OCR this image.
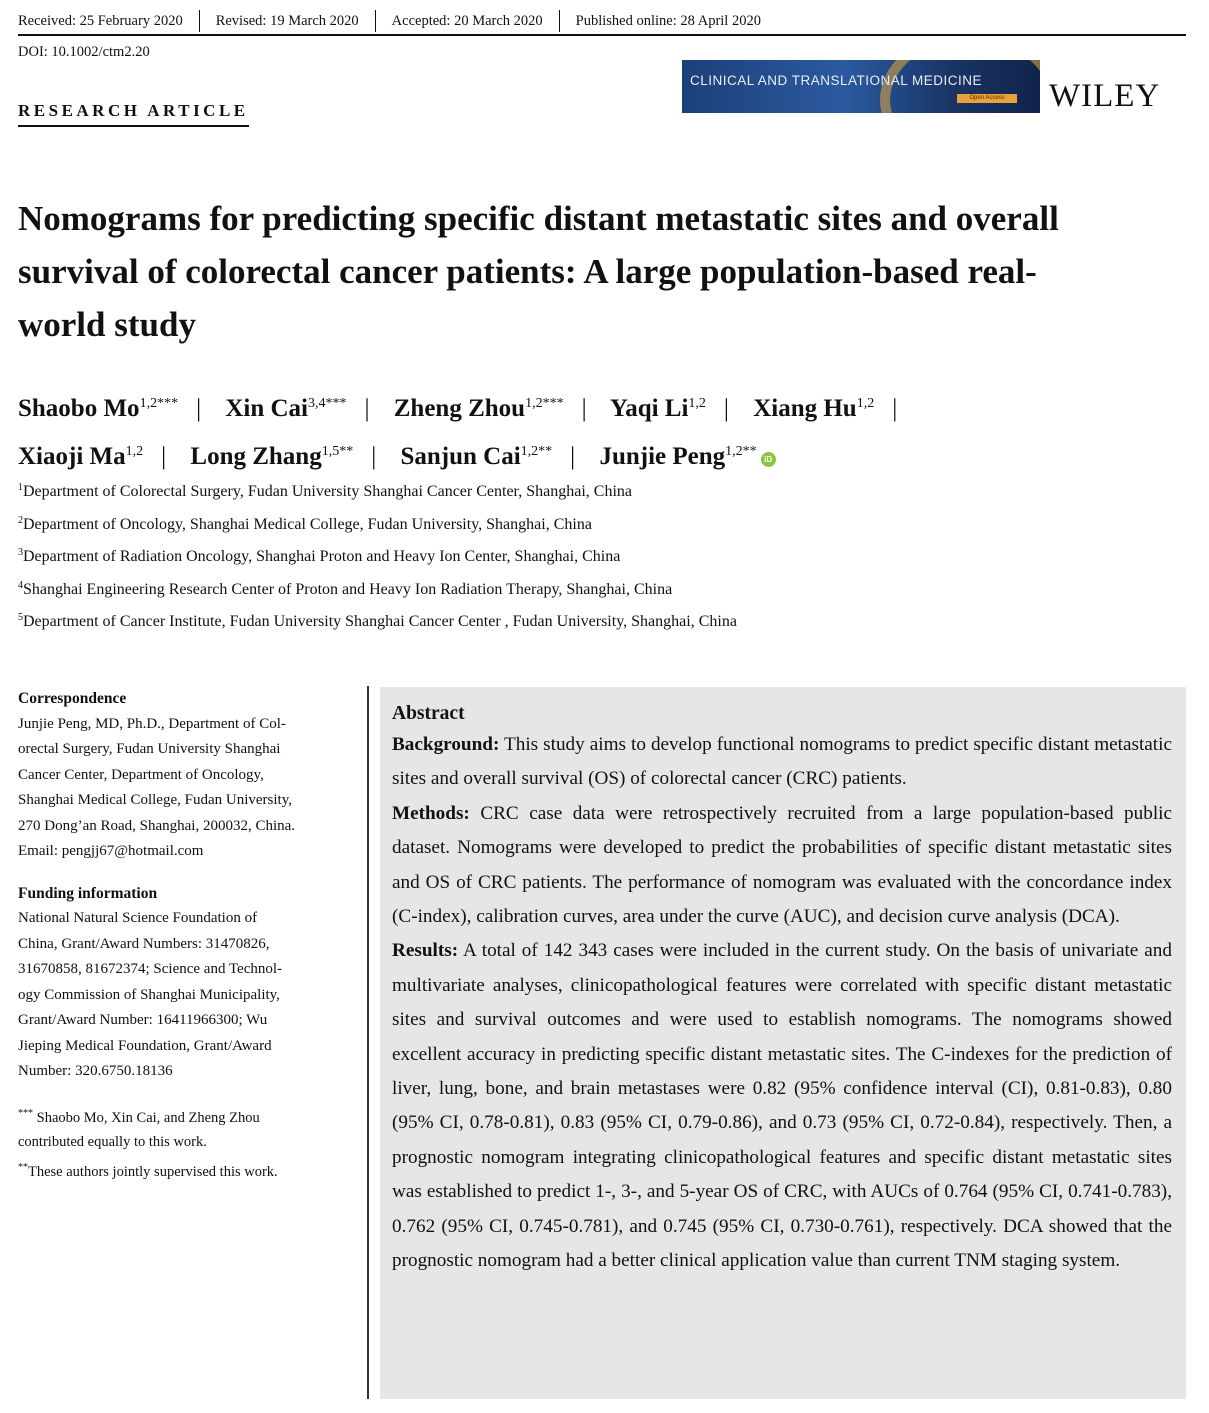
Received: 25 February 2020	Revised: 19 March 2020	Accepted: 20 March 2020	Published online: 28 April 2020
DOI: 10.1002/ctm2.20
CLINICAL AND TRANSLATIONAL MEDICINE
Open Access	WILEY
RESEARCH ARTICLE
Nomograms for predicting specific distant metastatic sites and overall survival of colorectal cancer patients: A large population-based real-world study
Shaobo $Mo^{1,2***}$ | Xin Cai$^{3,4***}$ | Zheng Zhou$^{1,2***}$ | Yaqi Li$^{1,2}$ | Xiang Hu$^{1,2}$ |
Xiaoji Ma$^{1,2}$ | Long Zhang$^{1,5**}$ | Sanjun Cai$^{1,2**}$ | Junjie Peng$^{1,2**}$iD
$^1$Department of Colorectal Surgery, Fudan University Shanghai Cancer Center, Shanghai, China
$^2$Department of Oncology, Shanghai Medical College, Fudan University, Shanghai, China
$^3$Department of Radiation Oncology, Shanghai Proton and Heavy Ion Center, Shanghai, China
$^4$Shanghai Engineering Research Center of Proton and Heavy Ion Radiation Therapy, Shanghai, China
$^5$Department of Cancer Institute, Fudan University Shanghai Cancer Center , Fudan University, Shanghai, China
Correspondence

Junjie Peng, MD, Ph.D., Department of Col-

orectal Surgery, Fudan University Shanghai

Cancer Center, Department of Oncology,

Shanghai Medical College, Fudan University,

270 Dong’an Road, Shanghai, 200032, China.

Email: pengjj67@hotmail.com

Funding information

National Natural Science Foundation of

China, Grant/Award Numbers: 31470826,

31670858, 81672374; Science and Technol-

ogy Commission of Shanghai Municipality,

Grant/Award Number: 16411966300; Wu

Jieping Medical Foundation, Grant/Award

Number: 320.6750.18136

*** Shaobo Mo, Xin Cai, and Zheng Zhou

contributed equally to this work.

**These authors jointly supervised this work.

Abstract

Background: This study aims to develop functional nomograms to predict specific distant metastatic sites and overall survival (OS) of colorectal cancer (CRC) patients.

Methods: CRC case data were retrospectively recruited from a large population-based public dataset. Nomograms were developed to predict the probabilities of specific distant metastatic sites and OS of CRC patients. The performance of nomogram was evaluated with the concordance index (C-index), calibration curves, area under the curve (AUC), and decision curve analysis (DCA).

Results: A total of 142 343 cases were included in the current study. On the basis of univariate and multivariate analyses, clinicopathological features were correlated with specific distant metastatic sites and survival outcomes and were used to establish nomograms. The nomograms showed excellent accuracy in predicting specific distant metastatic sites. The C-indexes for the prediction of liver, lung, bone, and brain metastases were 0.82 (95% confidence interval (CI), 0.81-0.83), 0.80 (95% CI, 0.78-0.81), 0.83 (95% CI, 0.79-0.86), and 0.73 (95% CI, 0.72-0.84), respectively. Then, a prognostic nomogram integrating clinicopathological features and specific distant metastatic sites was established to predict 1-, 3-, and 5-year OS of CRC, with AUCs of 0.764 (95% CI, 0.741-0.783), 0.762 (95% CI, 0.745-0.781), and 0.745 (95% CI, 0.730-0.761), respectively. DCA showed that the prognostic nomogram had a better clinical application value than current TNM staging system.
